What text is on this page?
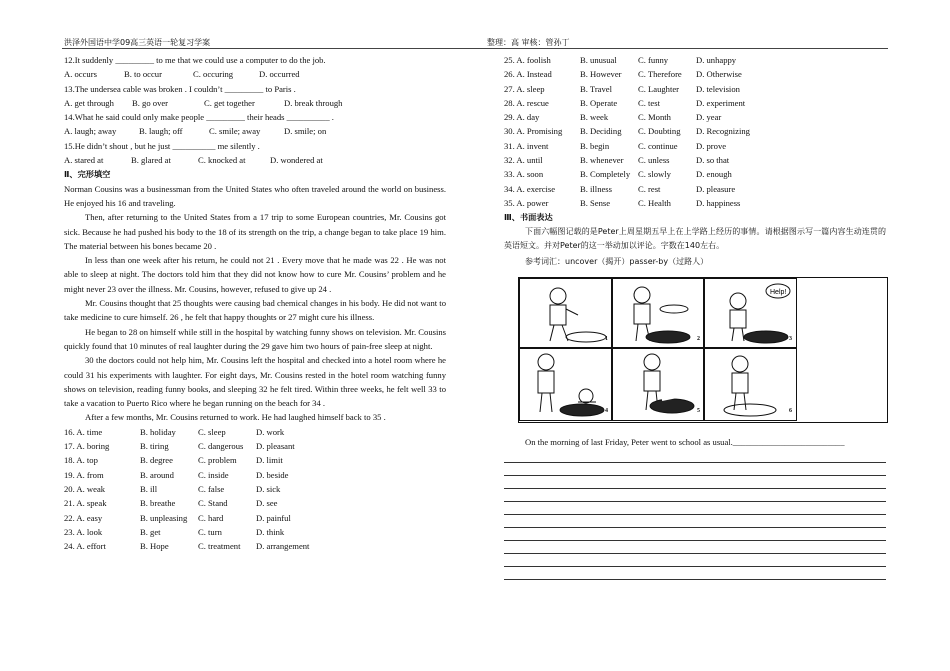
洪泽外国语中学09高三英语一轮复习学案	整理：高 审核：管孙丁
12.It suddenly _________ to me that we could use a computer to do the job.
A. occurs	B. to occur	C. occuring	D. occurred
13.The undersea cable was broken . I couldn’t _________ to Paris .
A. get through B. go over	C. get together	D. break through
14.What he said could only make people _________ their heads __________ .
A. laugh; away	B. laugh; off	C. smile; away	D. smile; on
15.He didn’t shout , but he just __________ me silently .
A. stared at	B. glared at	C. knocked at	D. wondered at
Ⅱ、完形填空
Norman Cousins was a businessman from the United States who often traveled around the world on business. He enjoyed his 16 and traveling.
Then, after returning to the United States from a 17 trip to some European countries, Mr. Cousins got sick. Because he had pushed his body to the 18 of its strength on the trip, a change began to take place 19 him. The material between his bones became 20 .
In less than one week after his return, he could not 21 . Every move that he made was 22 . He was not able to sleep at night. The doctors told him that they did not know how to cure Mr. Cousins’ problem and he might never 23 over the illness. Mr. Cousins, however, refused to give up 24 .
Mr. Cousins thought that 25 thoughts were causing bad chemical changes in his body. He did not want to take medicine to cure himself. 26 , he felt that happy thoughts or 27 might cure his illness.
He began to 28 on himself while still in the hospital by watching funny shows on television. Mr. Cousins quickly found that 10 minutes of real laughter during the 29 gave him two hours of pain-free sleep at night.
30 the doctors could not help him, Mr. Cousins left the hospital and checked into a hotel room where he could 31 his experiments with laughter. For eight days, Mr. Cousins rested in the hotel room watching funny shows on television, reading funny books, and sleeping 32 he felt tired. Within three weeks, he felt well 33 to take a vacation to Puerto Rico where he began running on the beach for 34 .
After a few months, Mr. Cousins returned to work. He had laughed himself back to 35 .
16. A. time	B. holiday	C. sleep	D. work
17. A. boring	B. tiring	C. dangerous D. pleasant
18. A. top	B. degree	C. problem D. limit
19. A. from	B. around	C. inside	D. beside
20. A. weak	B. ill	C. false	D. sick
21. A. speak	B. breathe	C. Stand	D. see
22. A. easy	B. unpleasing C. hard	D. painful
23. A. look	B. get	C. turn	D. think
24. A. effort	B. Hope	C. treatment D. arrangement
25. A. foolish	B. unusual C. funny	D. unhappy
26. A. Instead	B. However C. Therefore D. Otherwise
27. A. sleep	B. Travel	C. Laughter D. television
28. A. rescue	B. Operate C. test	D. experiment
29. A. day	B. week	C. Month	D. year
30. A. Promising B. Deciding C. Doubting D. Recognizing
31. A. invent	B. begin	C. continue D. prove
32. A. until	B. whenever C. unless	D. so that
33. A. soon	B. Completely C. slowly	D. enough
34. A. exercise	B. illness	C. rest	D. pleasure
35. A. power	B. Sense	C. Health	D. happiness
Ⅲ、书面表达
下面六幅图记载的是Peter上周星期五早上在上学路上经历的事情。请根据图示写一篇内容生动连贯的英语短文。并对Peter的这一举动加以评论。字数在140左右。
参考词汇：uncover（揭开）passer-by（过路人）
1	2
Help!
3
4	5	6
On the morning of last Friday, Peter went to school as usual.__________________________
